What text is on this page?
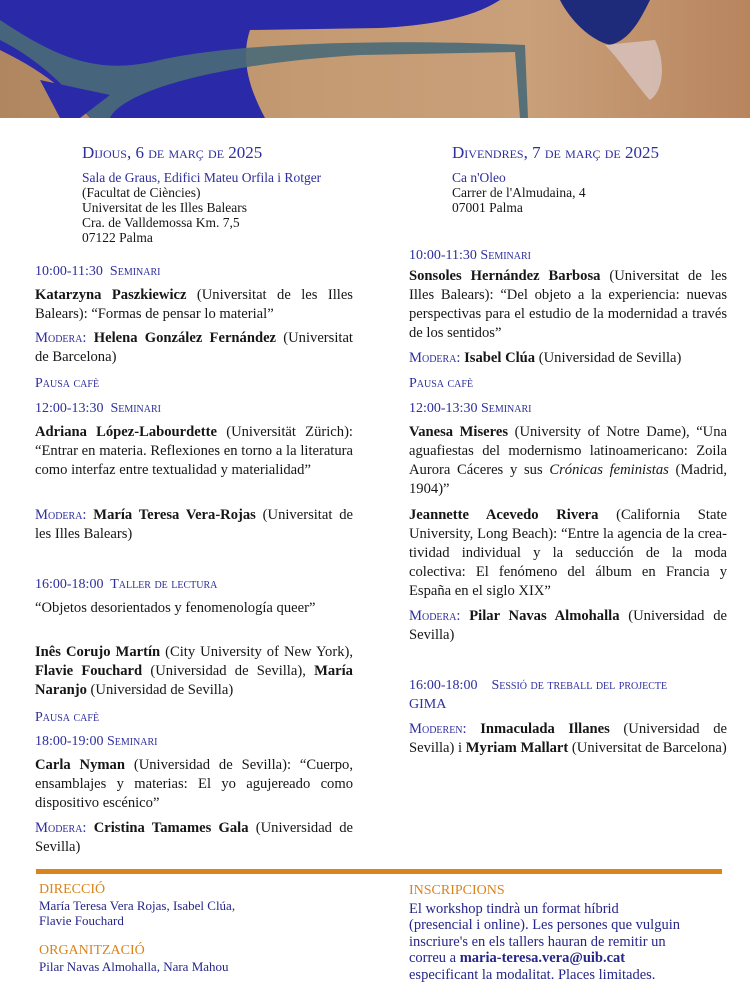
Dijous, 6 de març de 2025
Sala de Graus, Edifici Mateu Orfila i Rotger
(Facultat de Ciències)
Universitat de les Illes Balears
Cra. de Valldemossa Km. 7,5
07122 Palma
10:00-11:30  Seminari
Katarzyna Paszkiewicz (Universitat de les Illes Balears): “Formas de pensar lo material”
Modera: Helena González Fernández (Universitat de Barcelona)
Pausa cafè
12:00-13:30  Seminari
Adriana López-Labourdette (Universität Zürich): “Entrar en materia. Reflexiones en torno a la literatura como interfaz entre textualidad y materialidad”
Modera: María Teresa Vera-Rojas (Universitat de les Illes Balears)
16:00-18:00  Taller de lectura
“Objetos desorientados y fenomenología queer”
Inês Corujo Martín (City University of New York), Flavie Fouchard (Universidad de Sevilla), María Naranjo (Universidad de Sevilla)
Pausa cafè
18:00-19:00 Seminari
Carla Nyman (Universidad de Sevilla): “Cuerpo, ensamblajes y materias: El yo agujereado como dispositivo escénico”
Modera: Cristina Tamames Gala (Universidad de Sevilla)
Divendres, 7 de març de 2025
Ca n'Oleo
Carrer de l'Almudaina, 4
07001 Palma
10:00-11:30 Seminari
Sonsoles Hernández Barbosa (Universitat de les Illes Balears): “Del objeto a la experiencia: nuevas perspectivas para el estudio de la modernidad a través de los sentidos”
Modera: Isabel Clúa (Universidad de Sevilla)
Pausa cafè
12:00-13:30 Seminari
Vanesa Miseres (University of Notre Dame), “Una aguafiestas del modernismo latinoamericano: Zoila Aurora Cáceres y sus Crónicas feministas (Madrid, 1904)”
Jeannette Acevedo Rivera (California State University, Long Beach): “Entre la agencia de la crea-tividad individual y la seducción de la moda colectiva: El fenómeno del álbum en Francia y España en el siglo XIX”
Modera: Pilar Navas Almohalla (Universidad de Sevilla)
16:00-18:00    Sessió de treball del projecte
GIMA
Moderen: Inmaculada Illanes (Universidad de Sevilla) i Myriam Mallart (Universitat de Barcelona)
DIRECCIÓ
María Teresa Vera Rojas, Isabel Clúa,
Flavie Fouchard
ORGANITZACIÓ
Pilar Navas Almohalla, Nara Mahou
INSCRIPCIONS
El workshop tindrà un format híbrid
(presencial i online). Les persones que vulguin
inscriure's en els tallers hauran de remitir un
correu a maria-teresa.vera@uib.cat
especificant la modalitat. Places limitades.
